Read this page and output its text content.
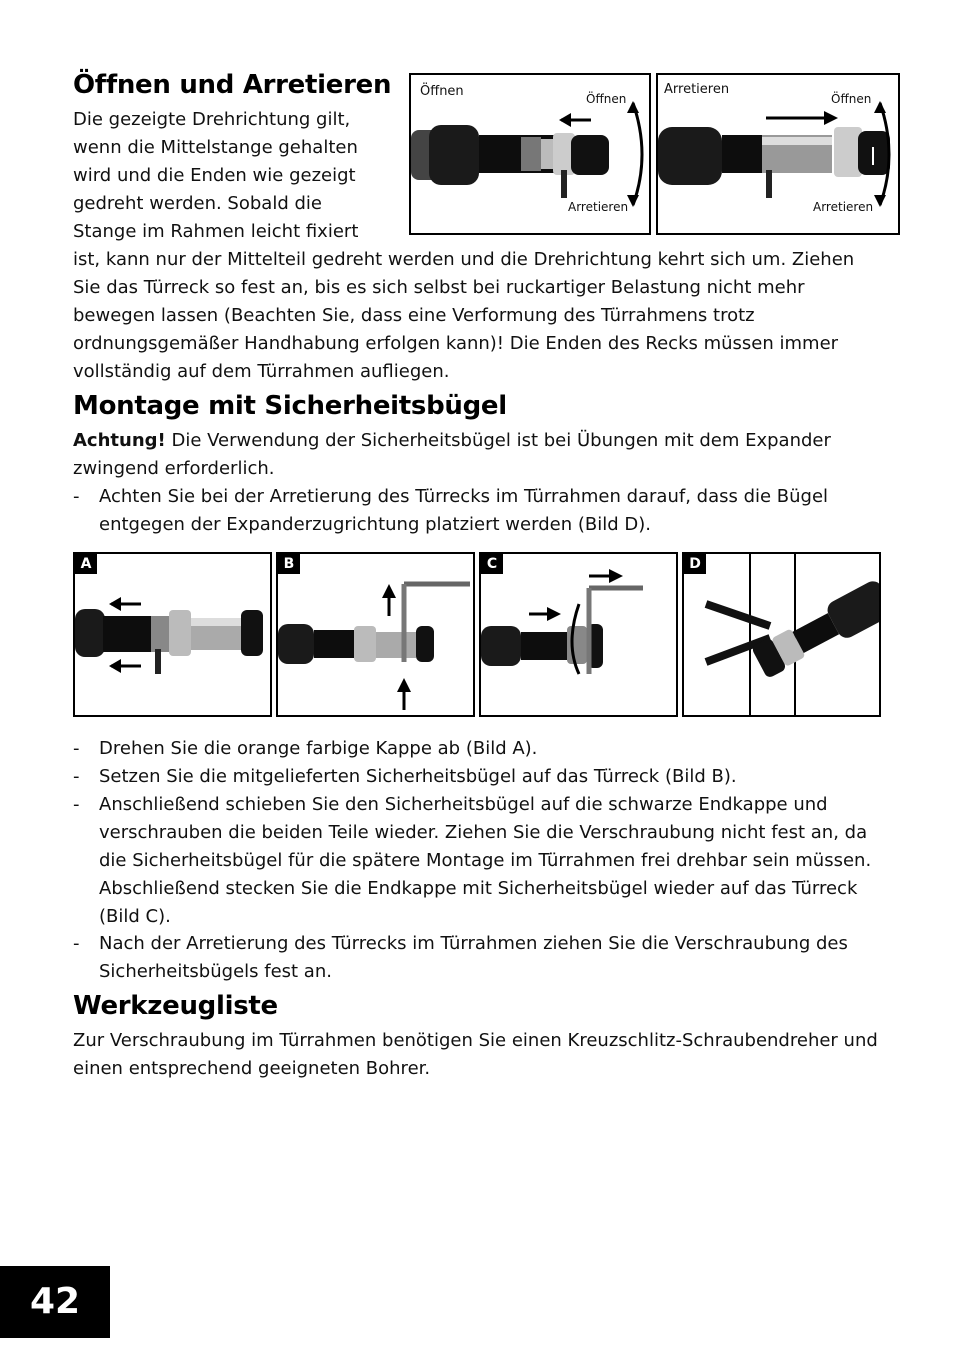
Öffnen und Arretieren

Die gezeigte Drehrichtung gilt,

wenn die Mittelstange gehalten

wird und die Enden wie gezeigt

gedreht werden. Sobald die

Stange im Rahmen leicht fixiert

ist, kann nur der Mittelteil gedreht werden und die Drehrichtung kehrt sich um. Ziehen Sie das Türreck so fest an, bis es sich selbst bei ruckartiger Belastung nicht mehr bewegen lassen (Beachten Sie, dass eine Verformung des Türrahmens trotz ordnungsgemäßer Handhabung erfolgen kann)! Die Enden des Recks müssen immer vollständig auf dem Türrahmen aufliegen.

Öffnen	Öffnen
Arretieren
Arretieren
Öffnen
Arretieren
Montage mit Sicherheitsbügel

Achtung! Die Verwendung der Sicherheitsbügel ist bei Übungen mit dem Expander zwingend erforderlich.

- Achten Sie bei der Arretierung des Türrecks im Türrahmen darauf, dass die Bügel entgegen der Expanderzugrichtung platziert werden (Bild D).
A	B	C	D
- Drehen Sie die orange farbige Kappe ab (Bild A).
- Setzen Sie die mitgelieferten Sicherheitsbügel auf das Türreck (Bild B).
- Anschließend schieben Sie den Sicherheitsbügel auf die schwarze Endkappe und verschrauben die beiden Teile wieder. Ziehen Sie die Verschraubung nicht fest an, da die Sicherheitsbügel für die spätere Montage im Türrahmen frei drehbar sein müssen. Abschließend stecken Sie die Endkappe mit Sicherheitsbügel wieder auf das Türreck (Bild C).
- Nach der Arretierung des Türrecks im Türrahmen ziehen Sie die Verschraubung des Sicherheitsbügels fest an.
Werkzeugliste

Zur Verschraubung im Türrahmen benötigen Sie einen Kreuzschlitz-Schraubendreher und einen entsprechend geeigneten Bohrer.

42
